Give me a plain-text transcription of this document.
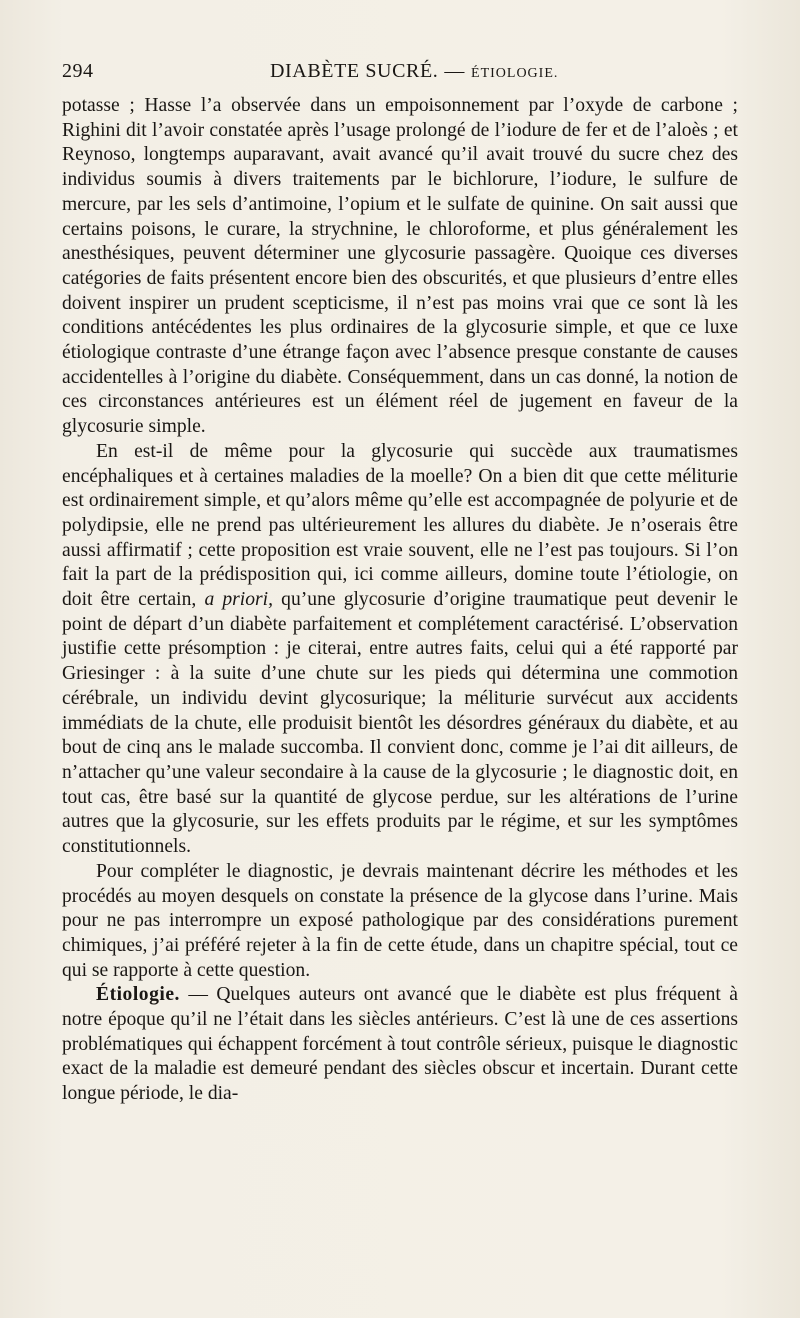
294	DIABÈTE SUCRÉ. — ÉTIOLOGIE.

potasse ; Hasse l’a observée dans un empoisonnement par l’oxyde de carbone ; Righini dit l’avoir constatée après l’usage prolongé de l’iodure de fer et de l’aloès ; et Reynoso, longtemps auparavant, avait avancé qu’il avait trouvé du sucre chez des individus soumis à divers traitements par le bichlorure, l’iodure, le sulfure de mercure, par les sels d’antimoine, l’opium et le sulfate de quinine. On sait aussi que certains poisons, le curare, la strychnine, le chloroforme, et plus généralement les anesthésiques, peuvent déterminer une glycosurie passagère. Quoique ces diverses catégories de faits présentent encore bien des obscurités, et que plusieurs d’entre elles doivent inspirer un prudent scepticisme, il n’est pas moins vrai que ce sont là les conditions antécédentes les plus ordinaires de la glycosurie simple, et que ce luxe étiologique contraste d’une étrange façon avec l’absence presque constante de causes accidentelles à l’origine du diabète. Conséquemment, dans un cas donné, la notion de ces circonstances antérieures est un élément réel de jugement en faveur de la glycosurie simple.

En est-il de même pour la glycosurie qui succède aux traumatismes encéphaliques et à certaines maladies de la moelle? On a bien dit que cette méliturie est ordinairement simple, et qu’alors même qu’elle est accompagnée de polyurie et de polydipsie, elle ne prend pas ultérieurement les allures du diabète. Je n’oserais être aussi affirmatif ; cette proposition est vraie souvent, elle ne l’est pas toujours. Si l’on fait la part de la prédisposition qui, ici comme ailleurs, domine toute l’étiologie, on doit être certain, a priori, qu’une glycosurie d’origine traumatique peut devenir le point de départ d’un diabète parfaitement et complétement caractérisé. L’observation justifie cette présomption : je citerai, entre autres faits, celui qui a été rapporté par Griesinger : à la suite d’une chute sur les pieds qui détermina une commotion cérébrale, un individu devint glycosurique; la méliturie survécut aux accidents immédiats de la chute, elle produisit bientôt les désordres généraux du diabète, et au bout de cinq ans le malade succomba. Il convient donc, comme je l’ai dit ailleurs, de n’attacher qu’une valeur secondaire à la cause de la glycosurie ; le diagnostic doit, en tout cas, être basé sur la quantité de glycose perdue, sur les altérations de l’urine autres que la glycosurie, sur les effets produits par le régime, et sur les symptômes constitutionnels.

Pour compléter le diagnostic, je devrais maintenant décrire les méthodes et les procédés au moyen desquels on constate la présence de la glycose dans l’urine. Mais pour ne pas interrompre un exposé pathologique par des considérations purement chimiques, j’ai préféré rejeter à la fin de cette étude, dans un chapitre spécial, tout ce qui se rapporte à cette question.

Étiologie. — Quelques auteurs ont avancé que le diabète est plus fréquent à notre époque qu’il ne l’était dans les siècles antérieurs. C’est là une de ces assertions problématiques qui échappent forcément à tout contrôle sérieux, puisque le diagnostic exact de la maladie est demeuré pendant des siècles obscur et incertain. Durant cette longue période, le dia-
